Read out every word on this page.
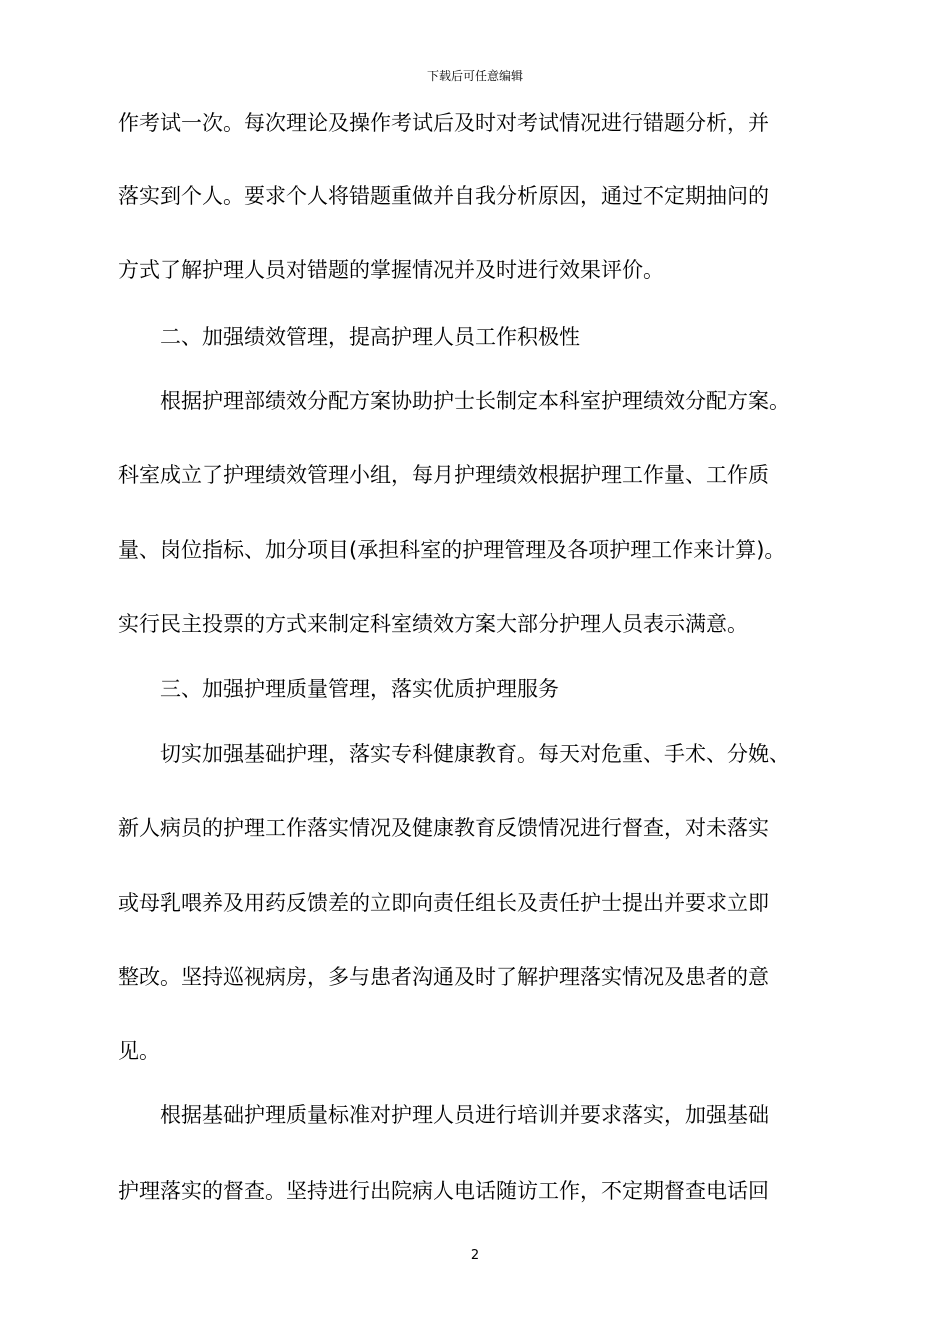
下载后可任意编辑
作考试一次。每次理论及操作考试后及时对考试情况进行错题分析，并
落实到个人。要求个人将错题重做并自我分析原因，通过不定期抽问的
方式了解护理人员对错题的掌握情况并及时进行效果评价。
　　二、加强绩效管理，提高护理人员工作积极性
　　根据护理部绩效分配方案协助护士长制定本科室护理绩效分配方案。
科室成立了护理绩效管理小组，每月护理绩效根据护理工作量、工作质
量、岗位指标、加分项目(承担科室的护理管理及各项护理工作来计算)。
实行民主投票的方式来制定科室绩效方案大部分护理人员表示满意。
　　三、加强护理质量管理，落实优质护理服务
　　切实加强基础护理，落实专科健康教育。每天对危重、手术、分娩、
新人病员的护理工作落实情况及健康教育反馈情况进行督查，对未落实
或母乳喂养及用药反馈差的立即向责任组长及责任护士提出并要求立即
整改。坚持巡视病房，多与患者沟通及时了解护理落实情况及患者的意
见。
　　根据基础护理质量标准对护理人员进行培训并要求落实，加强基础
护理落实的督查。坚持进行出院病人电话随访工作，不定期督查电话回
2
